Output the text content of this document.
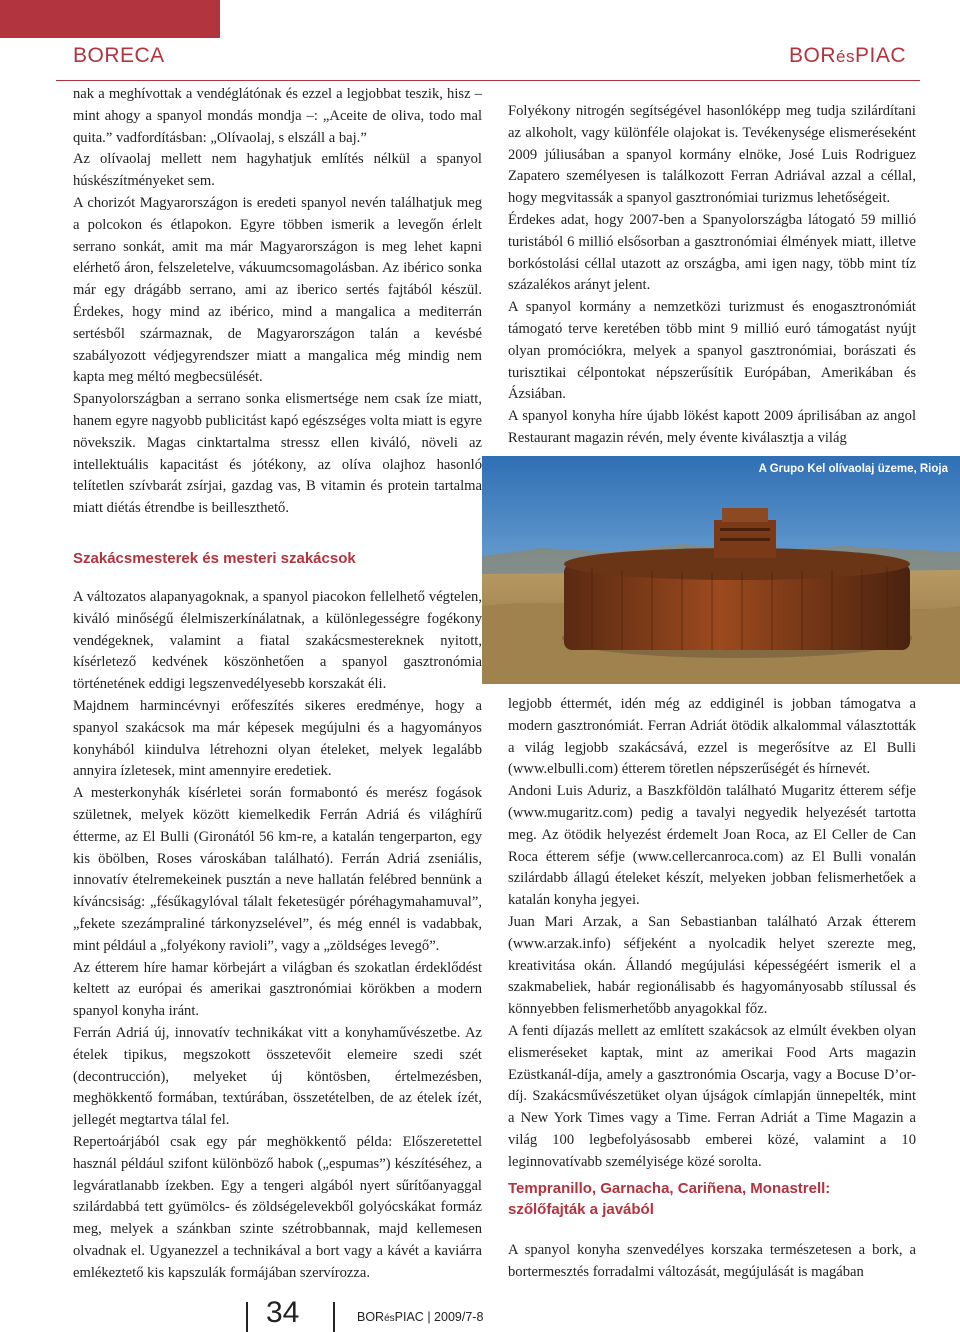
BORECA	BORésPIAC

nak a meghívottak a vendéglátónak és ezzel a legjobbat teszik, hisz – mint ahogy a spanyol mondás mondja –: „Aceite de oliva, todo mal quita.” vadfordításban: „Olívaolaj, s elszáll a baj.”

Az olívaolaj mellett nem hagyhatjuk említés nélkül a spanyol húskészítményeket sem.

A chorizót Magyarországon is eredeti spanyol nevén találhatjuk meg a polcokon és étlapokon. Egyre többen ismerik a levegőn érlelt serrano sonkát, amit ma már Magyarországon is meg lehet kapni elérhető áron, felszeletelve, vákuumcsomagolásban. Az ibérico sonka már egy drágább serrano, ami az iberico sertés fajtából készül. Érdekes, hogy mind az ibérico, mind a mangalica a mediterrán sertésből származnak, de Magyarországon talán a kevésbé szabályozott védjegyrendszer miatt a mangalica még mindig nem kapta meg méltó megbecsülését.

Spanyolországban a serrano sonka elismertsége nem csak íze miatt, hanem egyre nagyobb publicitást kapó egészséges volta miatt is egyre növekszik. Magas cinktartalma stressz ellen kiváló, növeli az intellektuális kapacitást és jótékony, az olíva olajhoz hasonló telítetlen szívbarát zsírjai, gazdag vas, B vitamin és protein tartalma miatt diétás étrendbe is beilleszthető.

Szakácsmesterek és mesteri szakácsok

A változatos alapanyagoknak, a spanyol piacokon fellelhető végtelen, kiváló minőségű élelmiszerkínálatnak, a különlegességre fogékony vendégeknek, valamint a fiatal szakácsmestereknek nyitott, kísérletező kedvének köszönhetően a spanyol gasztronómia történetének eddigi legszenvedélyesebb korszakát éli.

Majdnem harmincévnyi erőfeszítés sikeres eredménye, hogy a spanyol szakácsok ma már képesek megújulni és a hagyományos konyhából kiindulva létrehozni olyan ételeket, melyek legalább annyira ízletesek, mint amennyire eredetiek.

A mesterkonyhák kísérletei során formabontó és merész fogások születnek, melyek között kiemelkedik Ferrán Adriá és világhírű étterme, az El Bulli (Gironától 56 km-re, a katalán tengerparton, egy kis öbölben, Roses városkában található). Ferrán Adriá zseniális, innovatív ételremekeinek pusztán a neve hallatán felébred bennünk a kíváncsiság: „fésűkagylóval tálalt feketesügér póréhagymahamuval”, „fekete szezámpraliné tárkonyzselével”, és még ennél is vadabbak, mint például a „folyékony ravioli”, vagy a „zöldséges levegő”.

Az étterem híre hamar körbejárt a világban és szokatlan érdeklődést keltett az európai és amerikai gasztronómiai körökben a modern spanyol konyha iránt.

Ferrán Adriá új, innovatív technikákat vitt a konyhaművészetbe. Az ételek tipikus, megszokott összetevőit elemeire szedi szét (decontrucción), melyeket új köntösben, értelmezésben, meghökkentő formában, textúrában, összetételben, de az ételek ízét, jellegét megtartva tálal fel.

Repertoárjából csak egy pár meghökkentő példa: Előszeretettel használ például szifont különböző habok („espumas”) készítéséhez, a legváratlanabb ízekben. Egy a tengeri algából nyert sűrítőanyaggal szilárdabbá tett gyümölcs- és zöldségelevekből golyócskákat formáz meg, melyek a szánkban szinte szétrobbannak, majd kellemesen olvadnak el. Ugyanezzel a technikával a bort vagy a kávét a kaviárra emlékeztető kis kapszulák formájában szervírozza.

Folyékony nitrogén segítségével hasonlóképp meg tudja szilárdítani az alkoholt, vagy különféle olajokat is. Tevékenysége elismeréseként 2009 júliusában a spanyol kormány elnöke, José Luis Rodriguez Zapatero személyesen is találkozott Ferran Adriával azzal a céllal, hogy megvitassák a spanyol gasztronómiai turizmus lehetőségeit.

Érdekes adat, hogy 2007-ben a Spanyolországba látogató 59 millió turistából 6 millió elsősorban a gasztronómiai élmények miatt, illetve borkóstolási céllal utazott az országba, ami igen nagy, több mint tíz százalékos arányt jelent.

A spanyol kormány a nemzetközi turizmust és enogasztronómiát támogató terve keretében több mint 9 millió euró támogatást nyújt olyan promóciókra, melyek a spanyol gasztronómiai, borászati és turisztikai célpontokat népszerűsítik Európában, Amerikában és Ázsiában.

A spanyol konyha híre újabb lökést kapott 2009 áprilisában az angol Restaurant magazin révén, mely évente kiválasztja a világ

A Grupo Kel olívaolaj üzeme, Rioja

legjobb éttermét, idén még az eddiginél is jobban támogatva a modern gasztronómiát. Ferran Adriát ötödik alkalommal választották a világ legjobb szakácsává, ezzel is megerősítve az El Bulli (www.elbulli.com) étterem töretlen népszerűségét és hírnevét.

Andoni Luis Aduriz, a Baszkföldön található Mugaritz étterem séfje (www.mugaritz.com) pedig a tavalyi negyedik helyezését tartotta meg. Az ötödik helyezést érdemelt Joan Roca, az El Celler de Can Roca étterem séfje (www.cellercanroca.com) az El Bulli vonalán szilárdabb állagú ételeket készít, melyeken jobban felismerhetőek a katalán konyha jegyei.

Juan Mari Arzak, a San Sebastianban található Arzak étterem (www.arzak.info) séfjeként a nyolcadik helyet szerezte meg, kreativitása okán. Állandó megújulási képességéért ismerik el a szakmabeliek, habár regionálisabb és hagyományosabb stílussal és könnyebben felismerhetőbb anyagokkal főz.

A fenti díjazás mellett az említett szakácsok az elmúlt években olyan elismeréseket kaptak, mint az amerikai Food Arts magazin Ezüstkanál-díja, amely a gasztronómia Oscarja, vagy a Bocuse D’or-díj. Szakácsművészetüket olyan újságok címlapján ünnepelték, mint a New York Times vagy a Time. Ferran Adriát a Time Magazin a világ 100 legbefolyásosabb emberei közé, valamint a 10 leginnovatívabb személyisége közé sorolta.

Tempranillo, Garnacha, Cariñena, Monastrell:
szőlőfajták a javából

A spanyol konyha szenvedélyes korszaka természetesen a bork, a bortermesztés forradalmi változását, megújulását is magában

34	BORésPIAC | 2009/7-8
